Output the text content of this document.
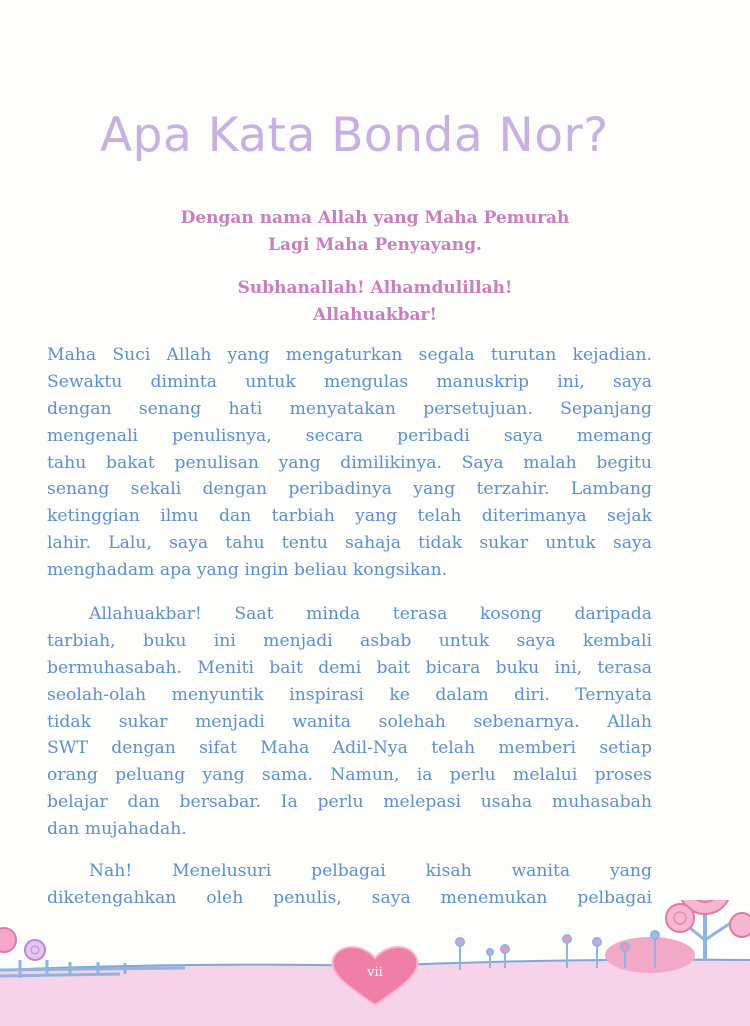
Apa Kata Bonda Nor?
Dengan nama Allah yang Maha Pemurah
Lagi Maha Penyayang.
Subhanallah! Alhamdulillah!
Allahuakbar!
Maha Suci Allah yang mengaturkan segala turutan kejadian.
Sewaktu diminta untuk mengulas manuskrip ini, saya
dengan senang hati menyatakan persetujuan. Sepanjang
mengenali penulisnya, secara peribadi saya memang
tahu bakat penulisan yang dimilikinya. Saya malah begitu
senang sekali dengan peribadinya yang terzahir. Lambang
ketinggian ilmu dan tarbiah yang telah diterimanya sejak
lahir. Lalu, saya tahu tentu sahaja tidak sukar untuk saya
menghadam apa yang ingin beliau kongsikan.
Allahuakbar! Saat minda terasa kosong daripada
tarbiah, buku ini menjadi asbab untuk saya kembali
bermuhasabah. Meniti bait demi bait bicara buku ini, terasa
seolah-olah menyuntik inspirasi ke dalam diri. Ternyata
tidak sukar menjadi wanita solehah sebenarnya. Allah
SWT dengan sifat Maha Adil-Nya telah memberi setiap
orang peluang yang sama. Namun, ia perlu melalui proses
belajar dan bersabar. Ia perlu melepasi usaha muhasabah
dan mujahadah.
Nah! Menelusuri pelbagai kisah wanita yang
diketengahkan oleh penulis, saya menemukan pelbagai
vii
